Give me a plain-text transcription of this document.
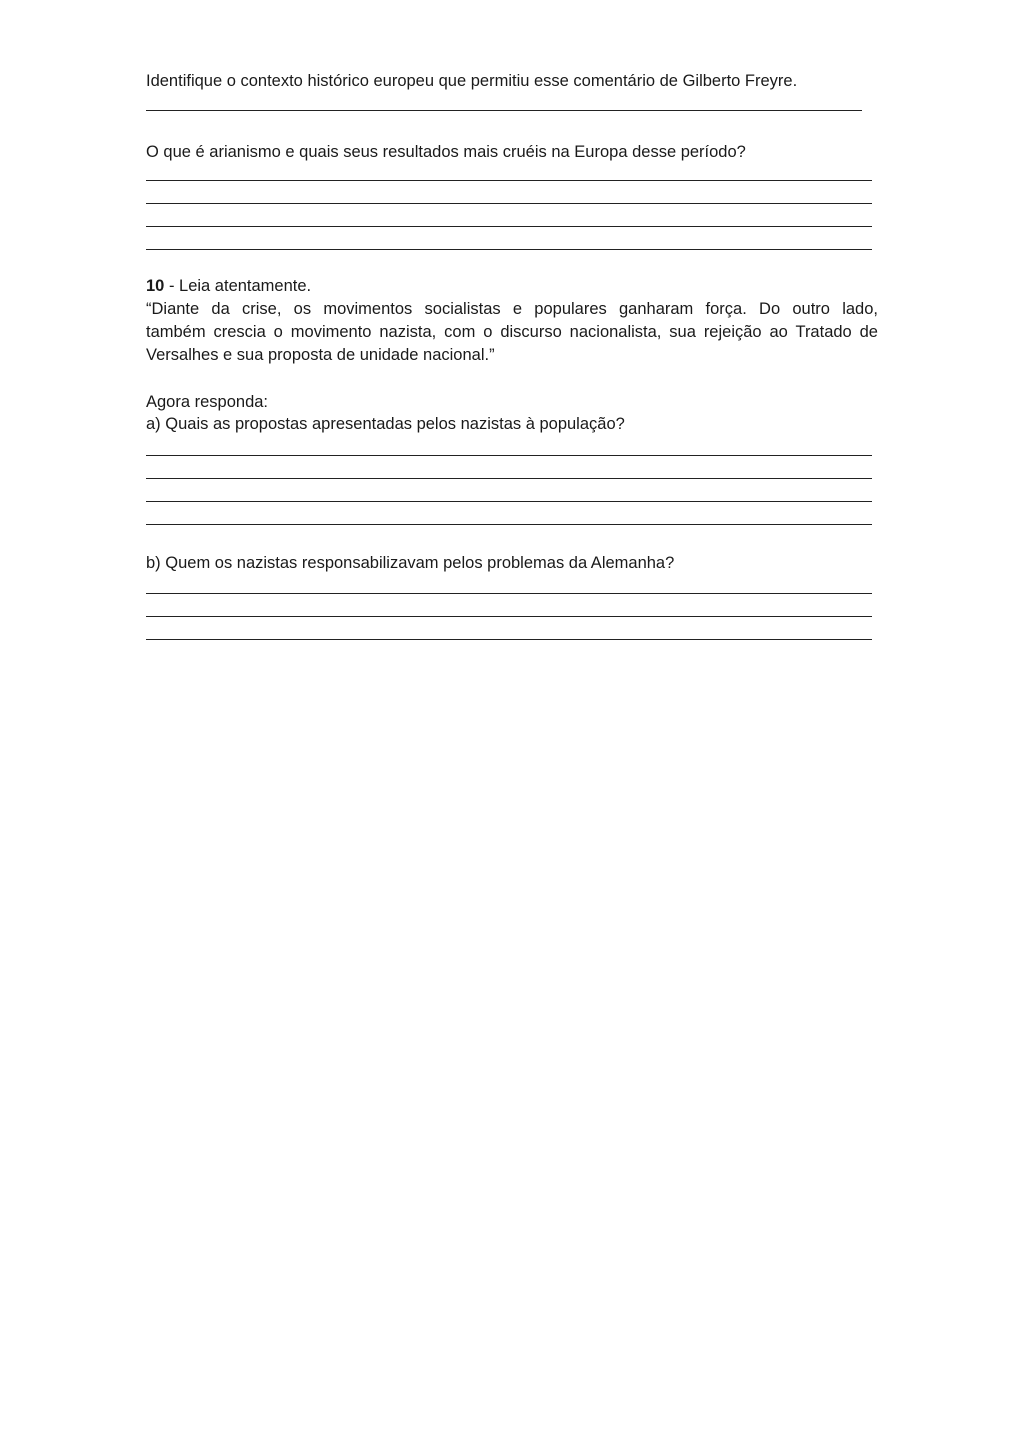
Identifique o contexto histórico europeu que permitiu esse comentário de Gilberto Freyre.
O que é arianismo e quais seus resultados mais cruéis na Europa desse período?
10 - Leia atentamente.
“Diante da crise, os movimentos socialistas e populares ganharam força. Do outro lado,
também crescia o movimento nazista, com o discurso nacionalista, sua rejeição ao Tratado de
Versalhes e sua proposta de unidade nacional.”
Agora responda:
a) Quais as propostas apresentadas pelos nazistas à população?
b) Quem os nazistas responsabilizavam pelos problemas da Alemanha?
